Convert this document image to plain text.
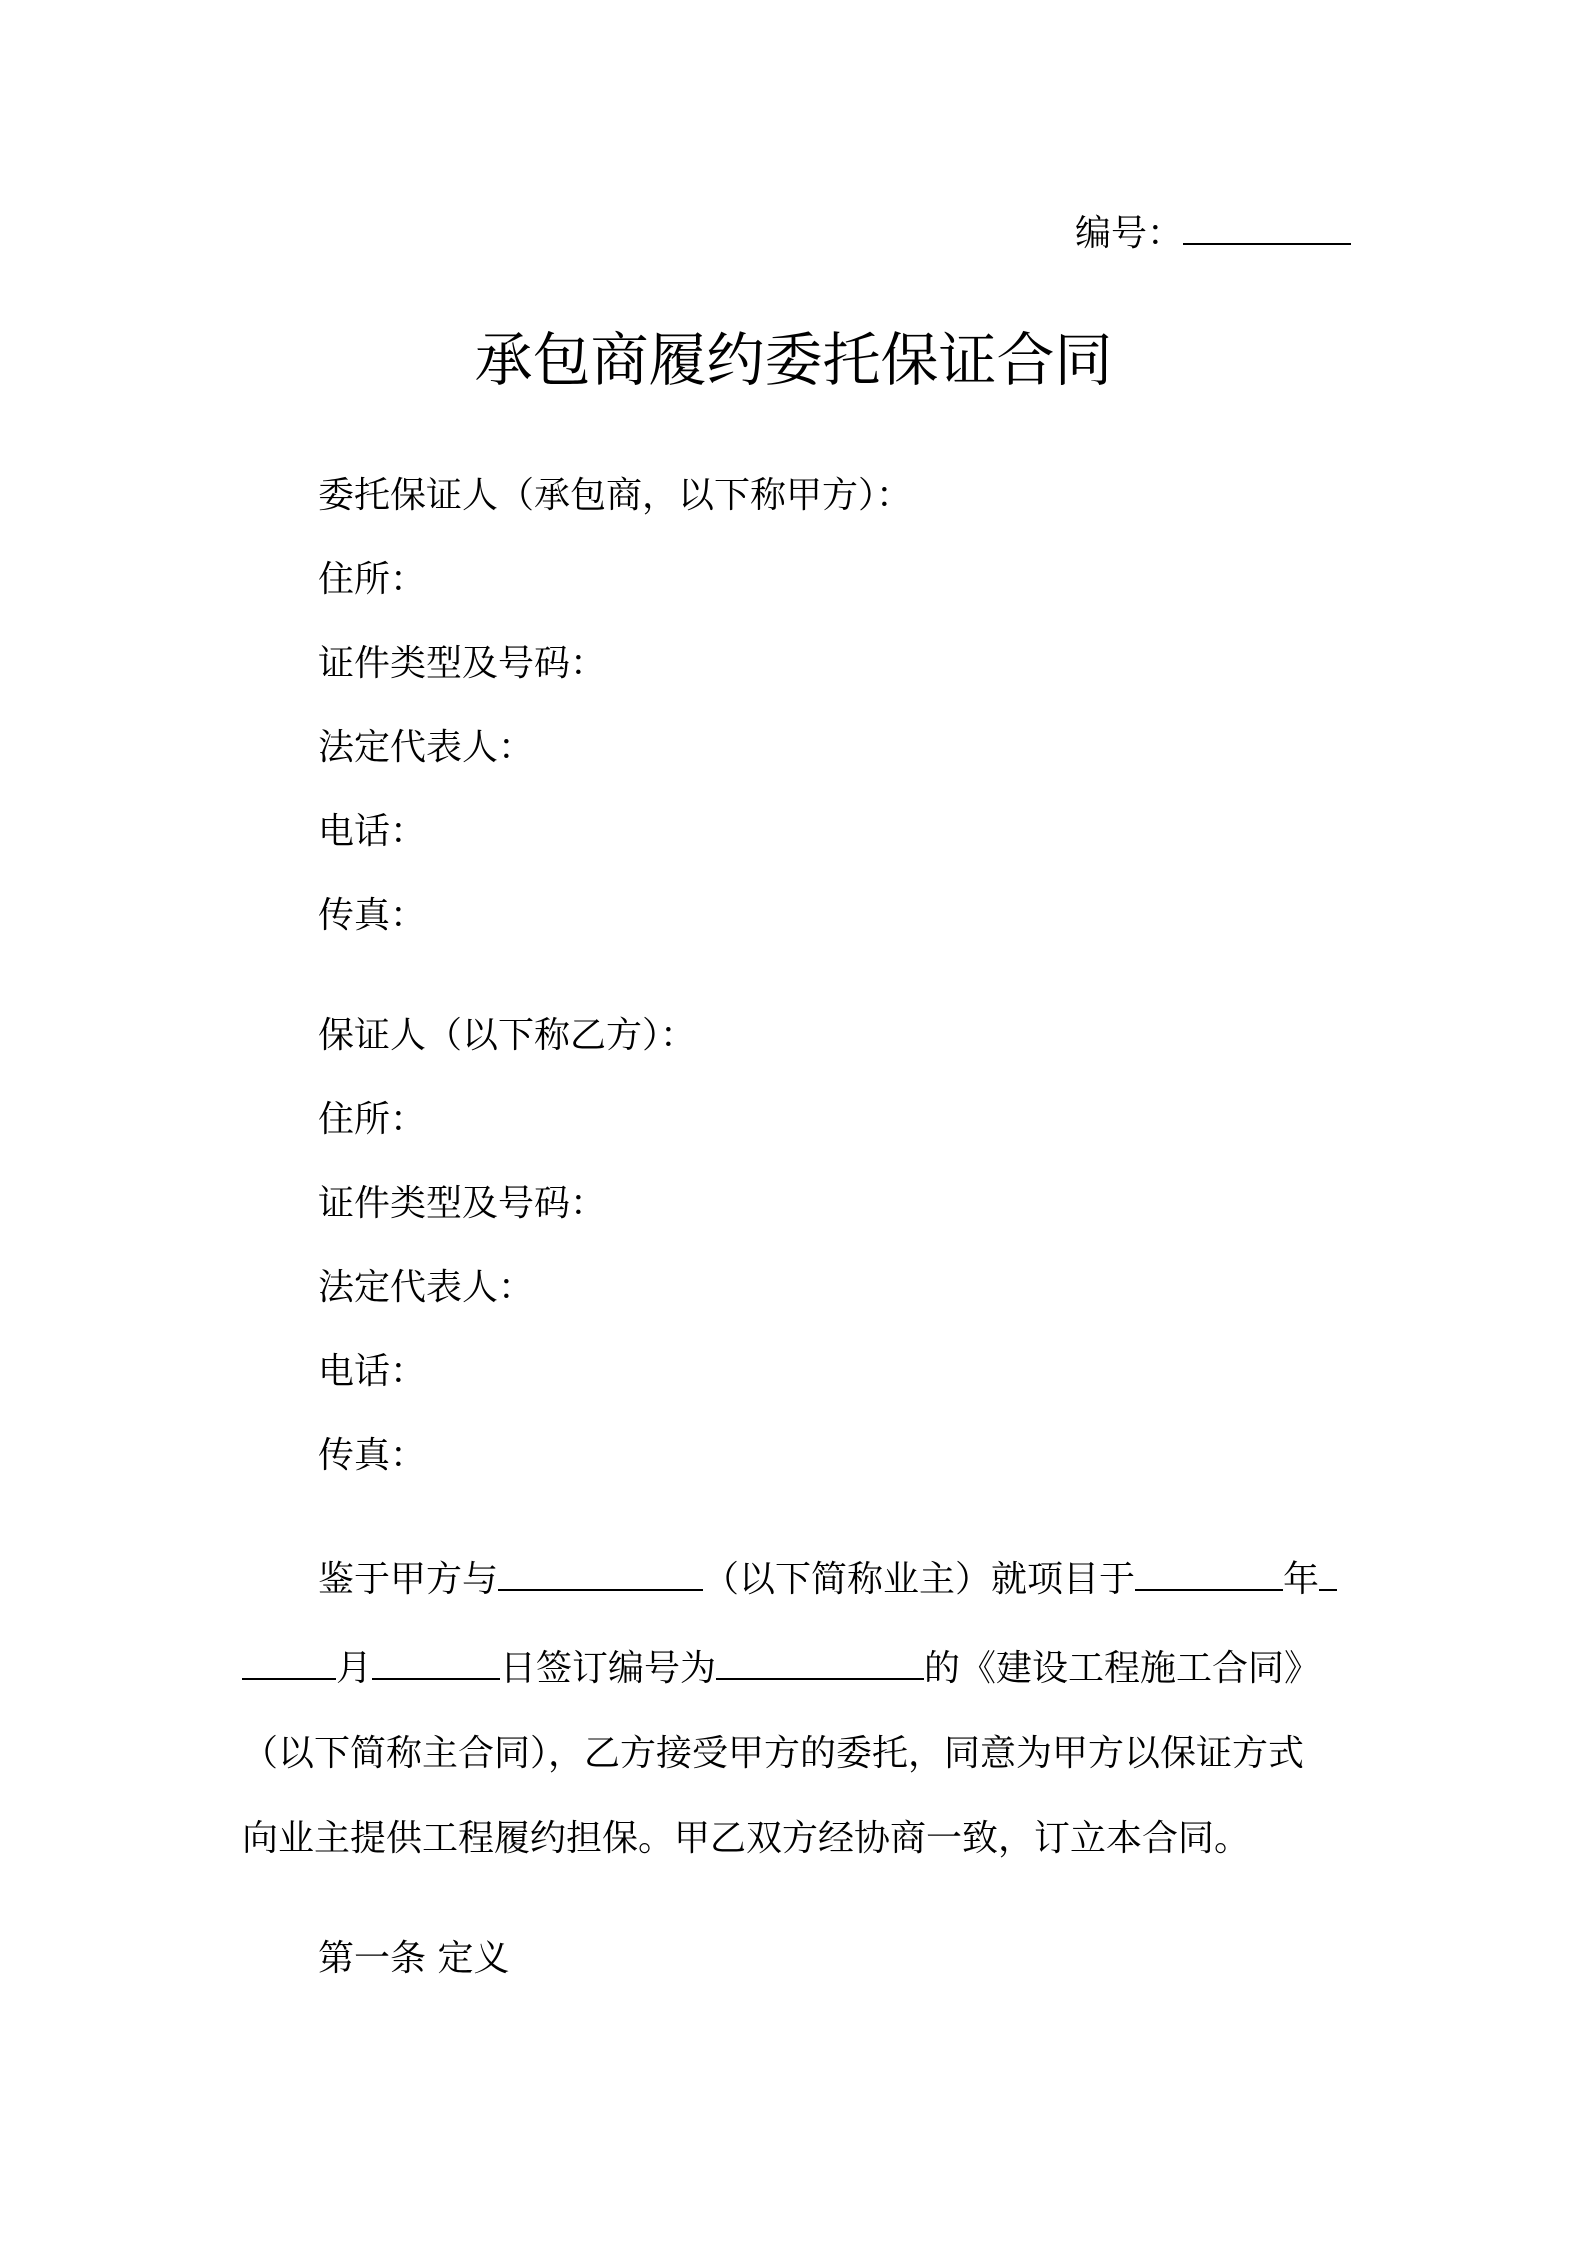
编号：
承包商履约委托保证合同
委托保证人（承包商，以下称甲方）：
住所：
证件类型及号码：
法定代表人：
电话：
传真：
保证人（以下称乙方）：
住所：
证件类型及号码：
法定代表人：
电话：
传真：
鉴于甲方与	（以下简称业主）就项目于	年
月	日签订编号为	的《建设工程施工合同》
（以下简称主合同），乙方接受甲方的委托，同意为甲方以保证方式
向业主提供工程履约担保。甲乙双方经协商一致，订立本合同。
第一条 定义
